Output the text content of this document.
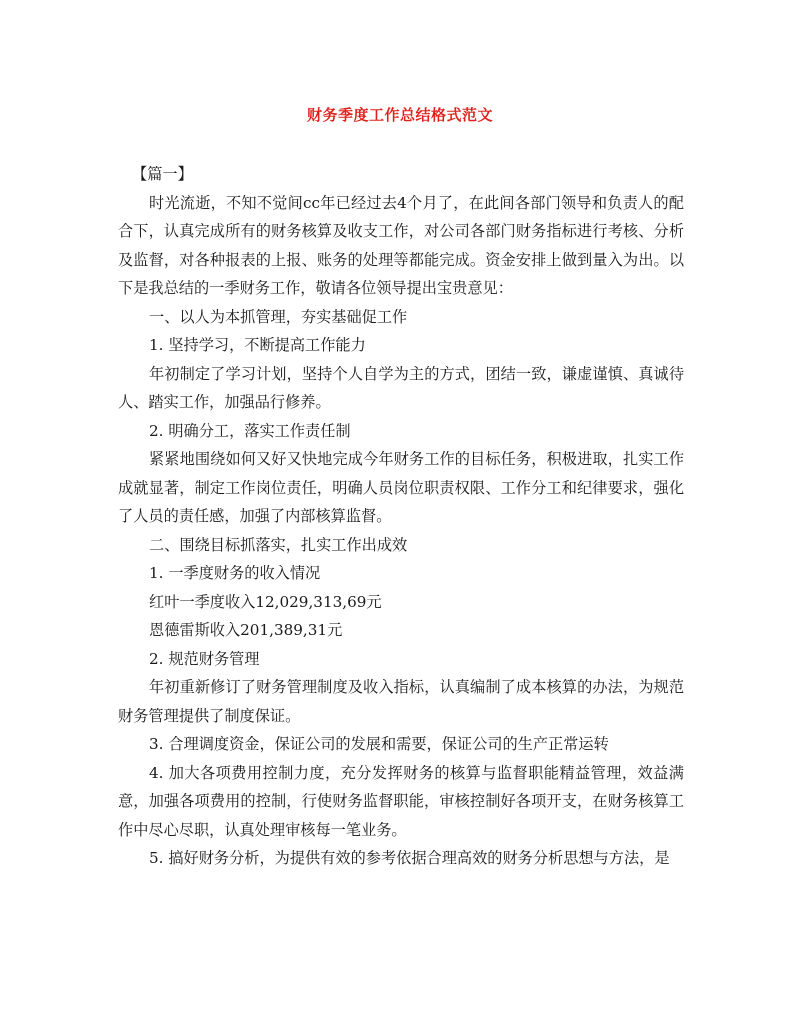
财务季度工作总结格式范文

【篇一】

时光流逝，不知不觉间cc年已经过去4个月了，在此间各部门领导和负责人的配合下，认真完成所有的财务核算及收支工作，对公司各部门财务指标进行考核、分析及监督，对各种报表的上报、账务的处理等都能完成。资金安排上做到量入为出。以下是我总结的一季财务工作，敬请各位领导提出宝贵意见：

一、以人为本抓管理，夯实基础促工作

1. 坚持学习，不断提高工作能力

年初制定了学习计划，坚持个人自学为主的方式，团结一致，谦虚谨慎、真诚待人、踏实工作，加强品行修养。

2. 明确分工，落实工作责任制

紧紧地围绕如何又好又快地完成今年财务工作的目标任务，积极进取，扎实工作成就显著，制定工作岗位责任，明确人员岗位职责权限、工作分工和纪律要求，强化了人员的责任感，加强了内部核算监督。

二、围绕目标抓落实，扎实工作出成效

1. 一季度财务的收入情况

红叶一季度收入12,029,313,69元

恩德雷斯收入201,389,31元

2. 规范财务管理

年初重新修订了财务管理制度及收入指标，认真编制了成本核算的办法，为规范财务管理提供了制度保证。

3. 合理调度资金，保证公司的发展和需要，保证公司的生产正常运转

4. 加大各项费用控制力度，充分发挥财务的核算与监督职能精益管理，效益满意，加强各项费用的控制，行使财务监督职能，审核控制好各项开支，在财务核算工作中尽心尽职，认真处理审核每一笔业务。

5. 搞好财务分析，为提供有效的参考依据合理高效的财务分析思想与方法，是
